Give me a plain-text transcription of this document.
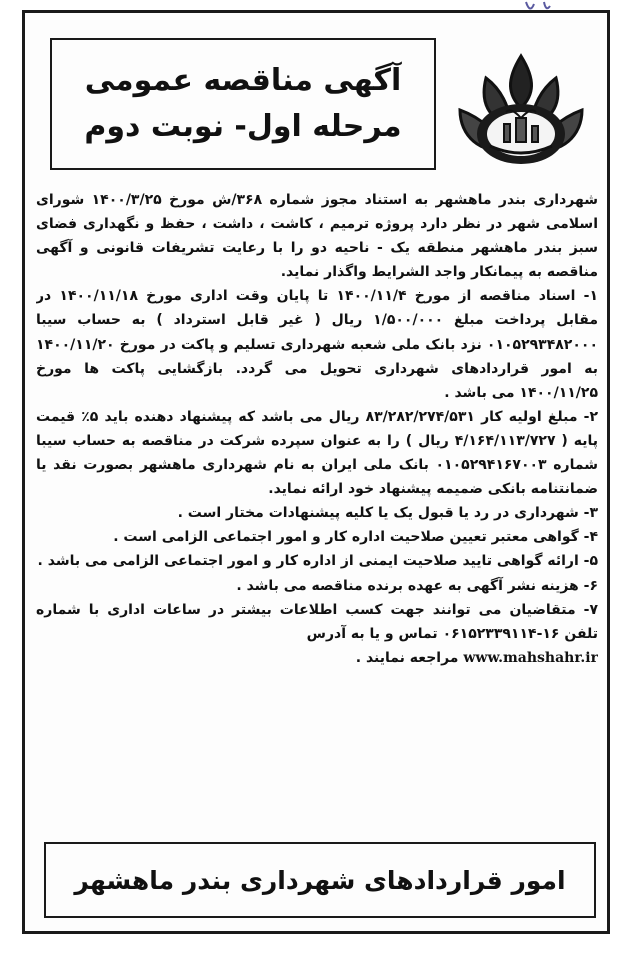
آگهی مناقصه عمومی
مرحله اول- نوبت دوم

شهرداری بندر ماهشهر به استناد مجوز شماره ۳۶۸/ش مورخ ۱۴۰۰/۳/۲۵ شورای اسلامی شهر در نظر دارد پروژه ترمیم ، کاشت ، داشت ، حفظ و نگهداری فضای سبز بندر ماهشهر منطقه یک - ناحیه دو را با رعایت تشریفات قانونی و آگهی مناقصه به پیمانکار واجد الشرایط واگذار نماید.

۱- اسناد مناقصه از مورخ ۱۴۰۰/۱۱/۴ تا پایان وقت اداری مورخ ۱۴۰۰/۱۱/۱۸ در مقابل پرداخت مبلغ ۱/۵۰۰/۰۰۰ ریال ( غیر قابل استرداد ) به حساب سیبا ۰۱۰۵۲۹۳۴۸۲۰۰۰ نزد بانک ملی شعبه شهرداری تسلیم و پاکت در مورخ ۱۴۰۰/۱۱/۲۰ به امور قراردادهای شهرداری تحویل می گردد. بازگشایی پاکت ها مورخ ۱۴۰۰/۱۱/۲۵ می باشد .

۲- مبلغ اولیه کار ۸۳/۲۸۲/۲۷۴/۵۳۱ ریال می باشد که پیشنهاد دهنده باید ۵٪ قیمت پایه ( ۴/۱۶۴/۱۱۳/۷۲۷ ریال ) را به عنوان سپرده شرکت در مناقصه به حساب سیبا شماره ۰۱۰۵۲۹۴۱۶۷۰۰۳ بانک ملی ایران به نام شهرداری ماهشهر بصورت نقد یا ضمانتنامه بانکی ضمیمه پیشنهاد خود ارائه نماید.

۳- شهرداری در رد یا قبول یک یا کلیه پیشنهادات مختار است .

۴- گواهی معتبر تعیین صلاحیت اداره کار و امور اجتماعی الزامی است .

۵- ارائه گواهی تایید صلاحیت ایمنی از اداره کار و امور اجتماعی الزامی می باشد .

۶- هزینه نشر آگهی به عهده برنده مناقصه می باشد .

۷- متقاضیان می توانند جهت کسب اطلاعات بیشتر در ساعات اداری با شماره تلفن ۱۶-۰۶۱۵۲۳۳۹۱۱۴ تماس و یا به آدرس

www.mahshahr.ir مراجعه نمایند .

امور قراردادهای شهرداری بندر ماهشهر
